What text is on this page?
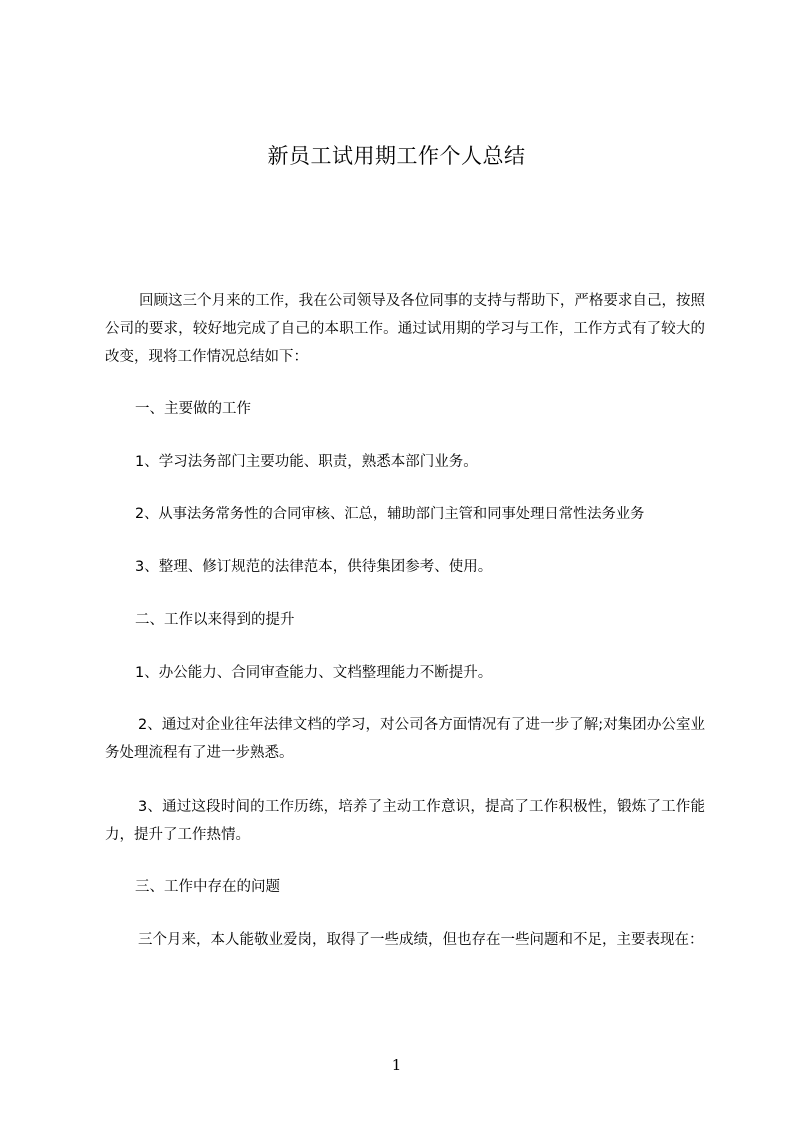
新员工试用期工作个人总结
回顾这三个月来的工作，我在公司领导及各位同事的支持与帮助下，严格要求自己，按照公司的要求，较好地完成了自己的本职工作。通过试用期的学习与工作，工作方式有了较大的改变，现将工作情况总结如下：
一、主要做的工作
1、学习法务部门主要功能、职责，熟悉本部门业务。
2、从事法务常务性的合同审核、汇总，辅助部门主管和同事处理日常性法务业务
3、整理、修订规范的法律范本，供待集团参考、使用。
二、工作以来得到的提升
1、办公能力、合同审查能力、文档整理能力不断提升。
2、通过对企业往年法律文档的学习，对公司各方面情况有了进一步了解;对集团办公室业务处理流程有了进一步熟悉。
3、通过这段时间的工作历练，培养了主动工作意识，提高了工作积极性，锻炼了工作能力，提升了工作热情。
三、工作中存在的问题
三个月来，本人能敬业爱岗，取得了一些成绩，但也存在一些问题和不足，主要表现在：
1
